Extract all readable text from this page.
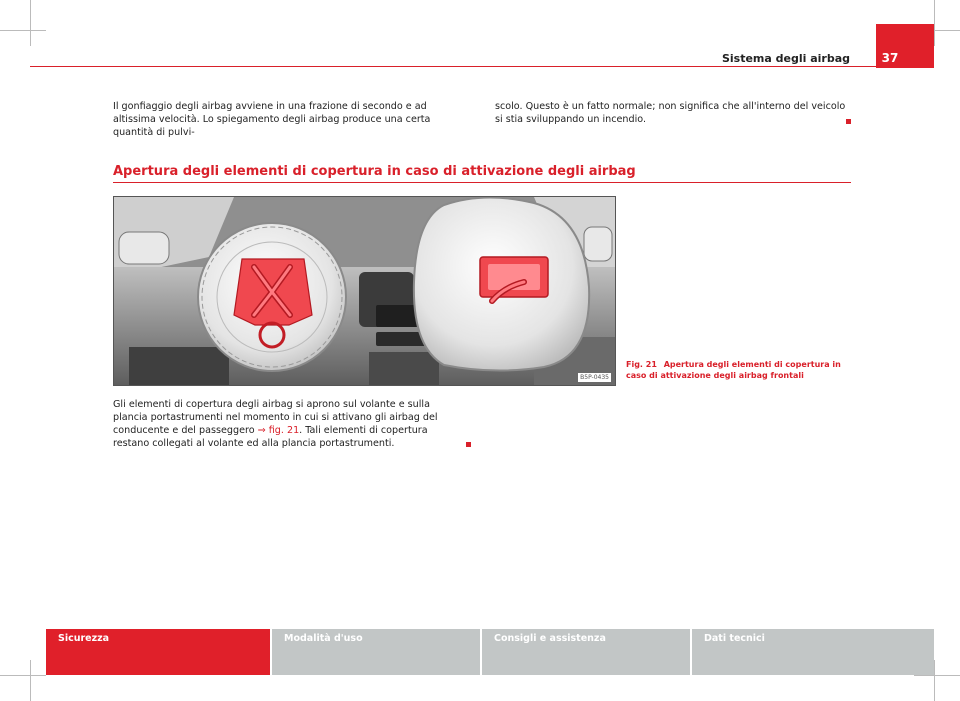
Sistema degli airbag	37

Il gonfiaggio degli airbag avviene in una frazione di secondo e ad altissima velocità. Lo spiegamento degli airbag produce una certa quantità di pulvi-

scolo. Questo è un fatto normale; non significa che all'interno del veicolo si stia sviluppando un incendio.

Apertura degli elementi di copertura in caso di attivazione degli airbag
B5P-0435
Fig. 21 Apertura degli elementi di copertura in caso di attivazione degli airbag frontali

Gli elementi di copertura degli airbag si aprono sul volante e sulla plancia portastrumenti nel momento in cui si attivano gli airbag del conducente e del passeggero ⇒ fig. 21. Tali elementi di copertura restano collegati al volante ed alla plancia portastrumenti.

Sicurezza	Modalità d'uso	Consigli e assistenza	Dati tecnici
